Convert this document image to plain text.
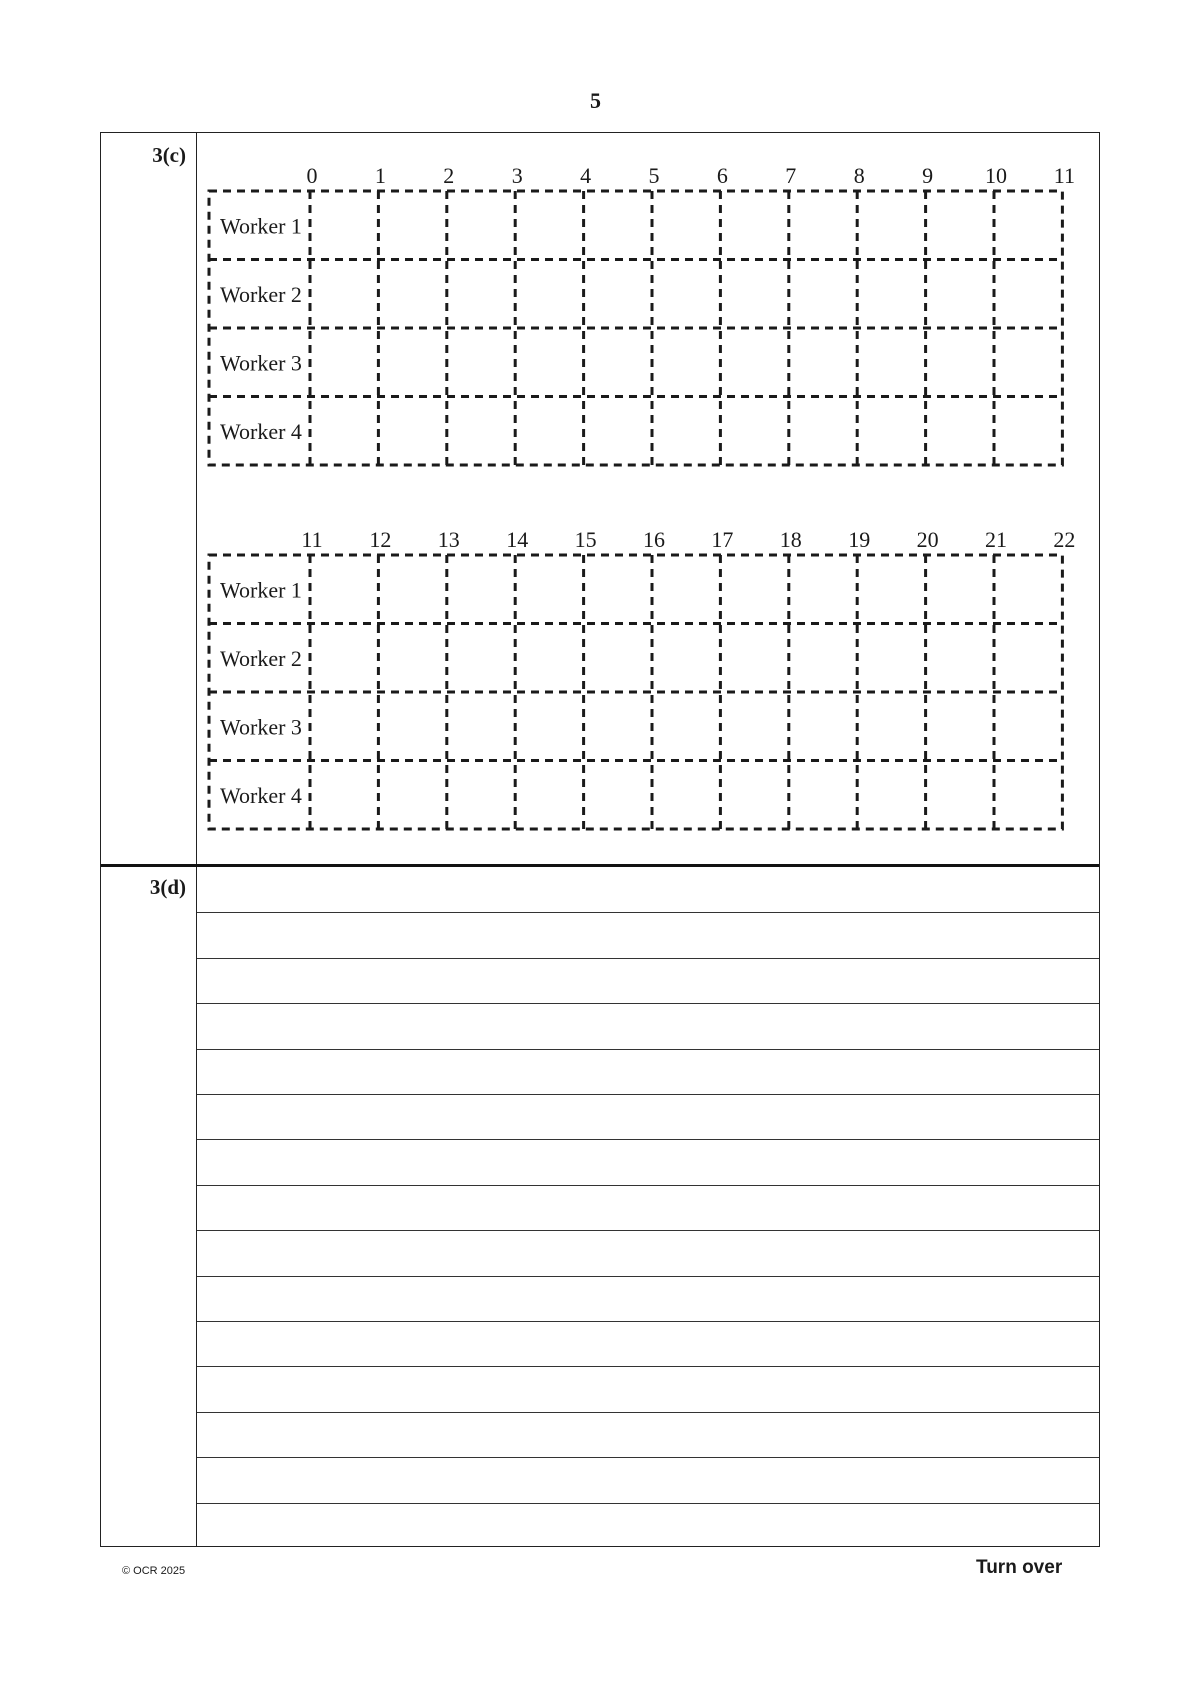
5
3(c)
0	1	2	3	4	5	6	7	8	9 10 11
Worker 1
Worker 2
Worker 3
Worker 4
11 12 13 14 15 16 17 18 19 20 21 22
Worker 1
Worker 2
Worker 3
Worker 4
3(d)
© OCR 2025	Turn over
